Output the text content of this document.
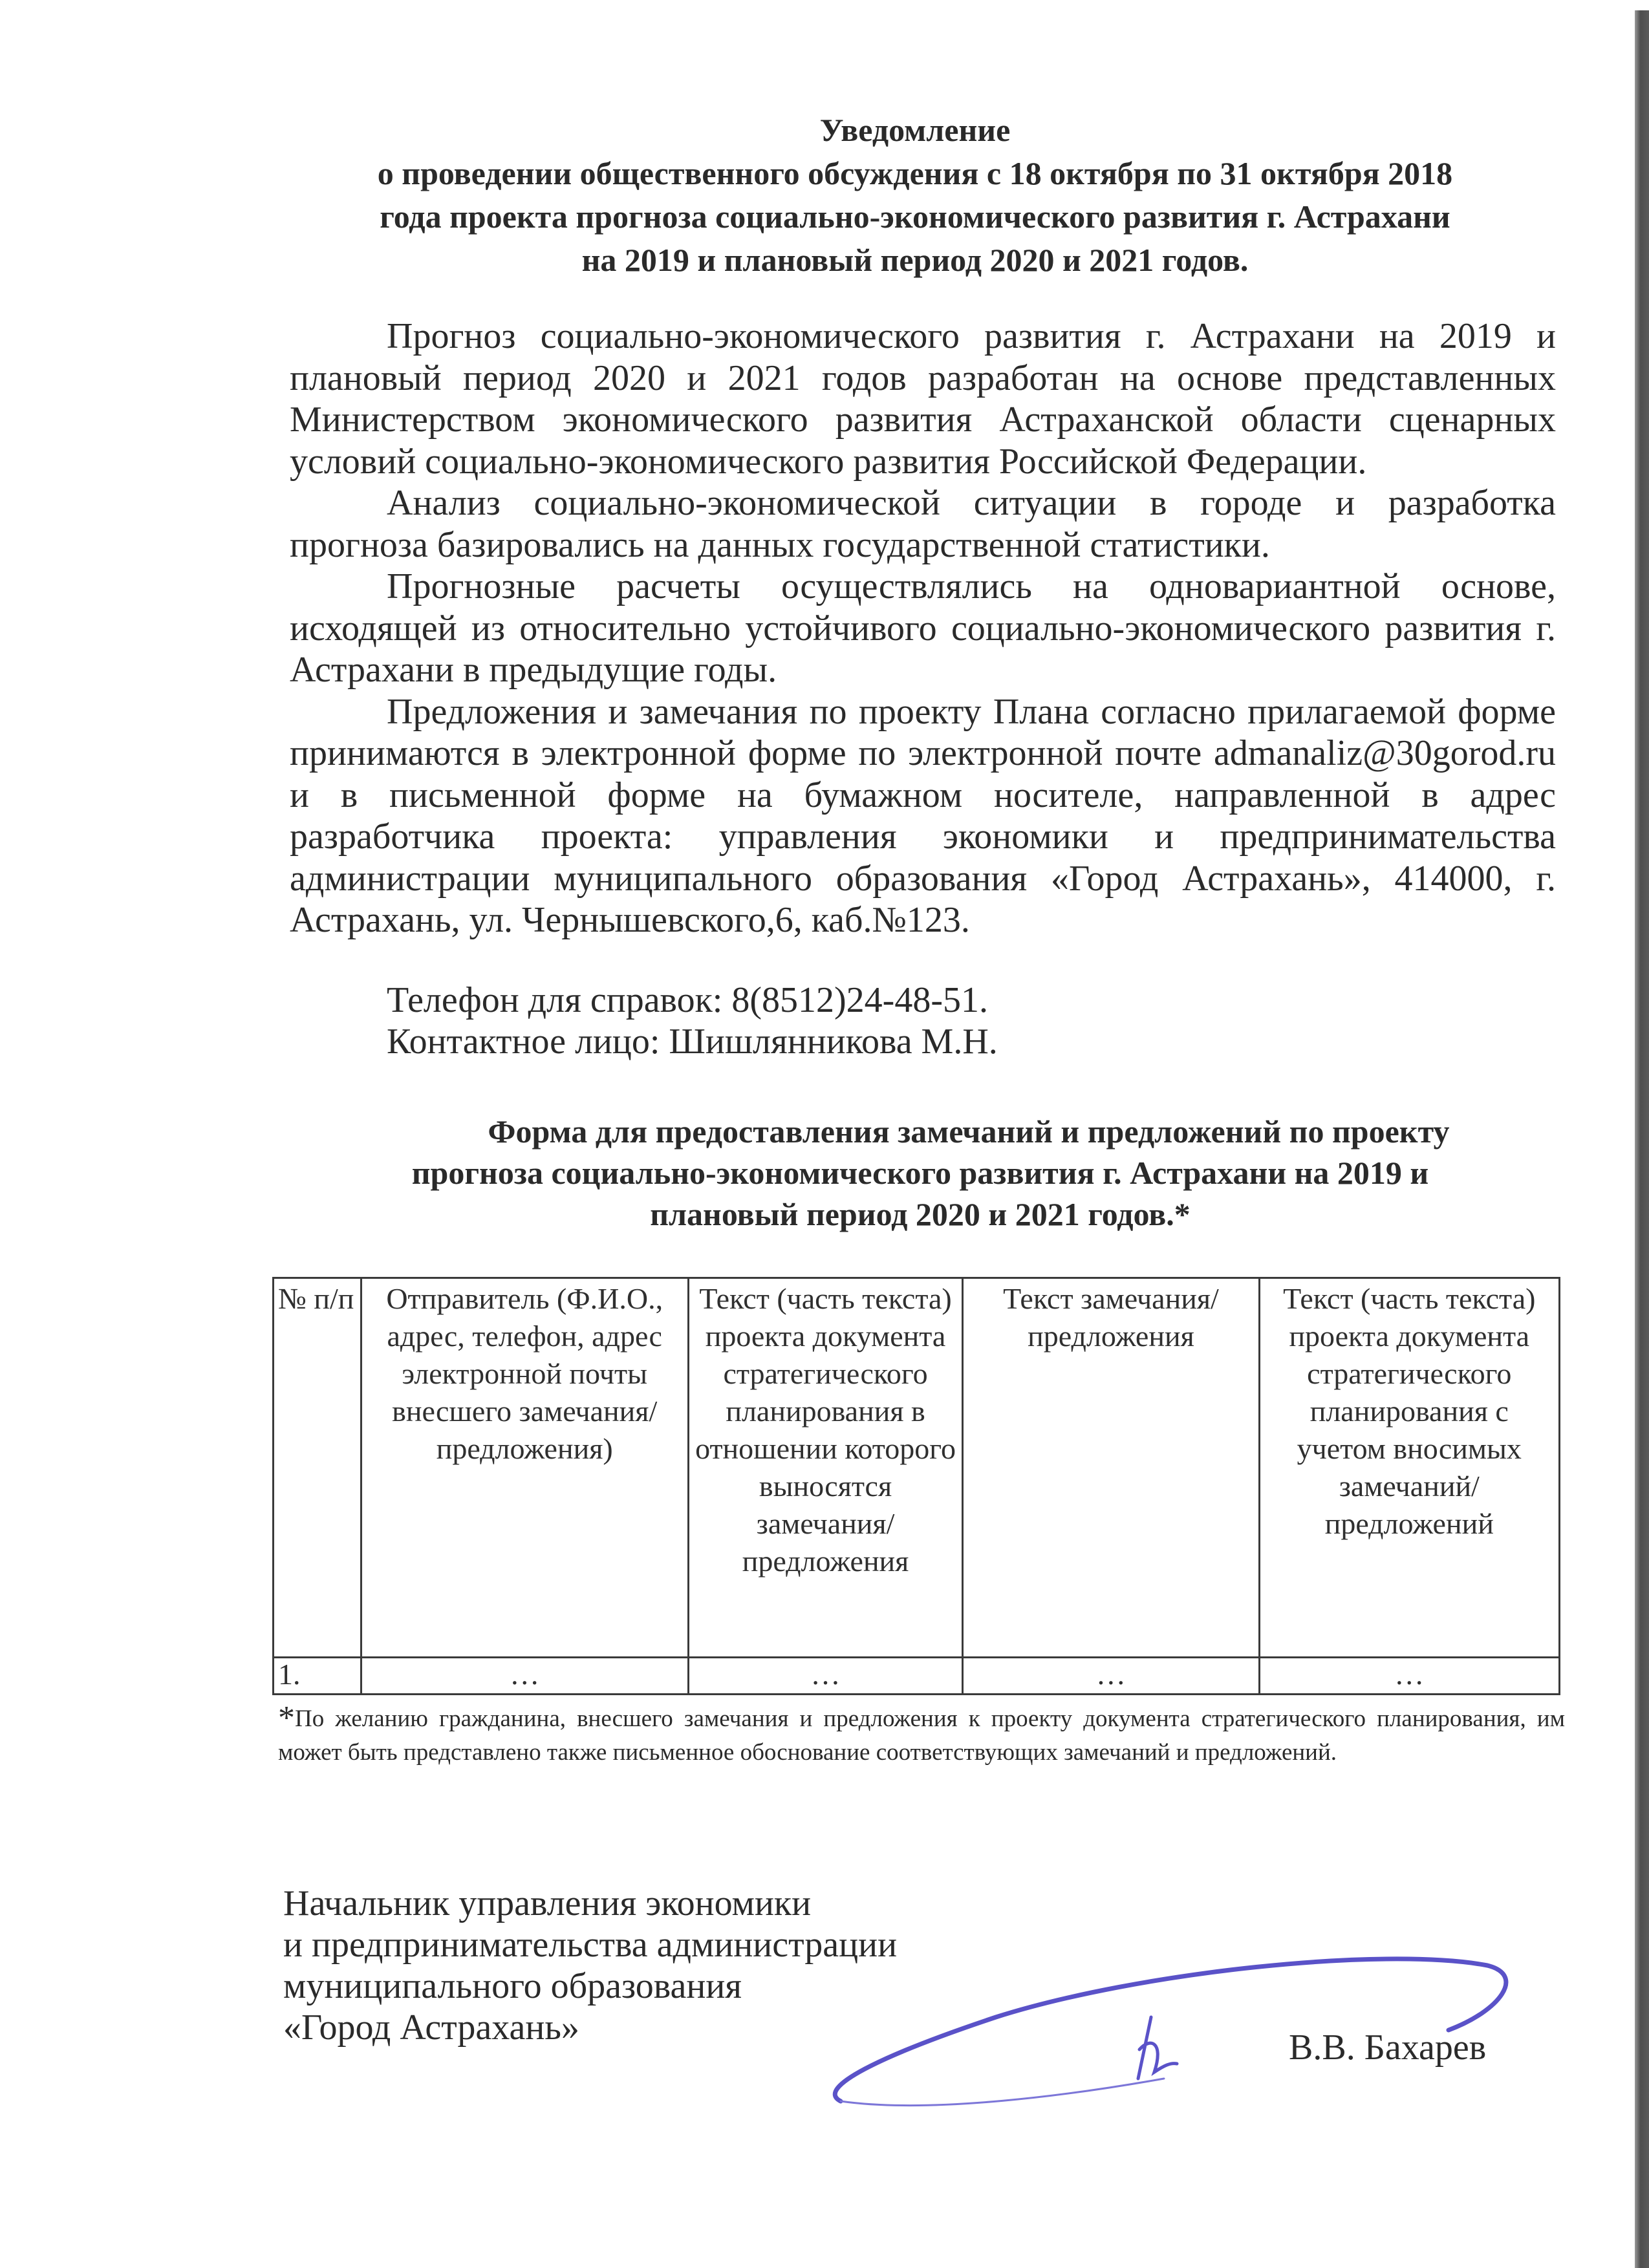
Уведомление
о проведении общественного обсуждения с 18 октября по 31 октября 2018
года проекта прогноза социально-экономического развития г. Астрахани
на 2019 и плановый период 2020 и 2021 годов.

Прогноз социально-экономического развития г. Астрахани на 2019 и плановый период 2020 и 2021 годов разработан на основе представленных Министерством экономического развития Астраханской области сценарных условий социально-экономического развития Российской Федерации.

Анализ социально-экономической ситуации в городе и разработка прогноза базировались на данных государственной статистики.

Прогнозные расчеты осуществлялись на одновариантной основе, исходящей из относительно устойчивого социально-экономического развития г. Астрахани в предыдущие годы.

Предложения и замечания по проекту Плана согласно прилагаемой форме принимаются в электронной форме по электронной почте admanaliz@30gorod.ru и в письменной форме на бумажном носителе, направленной в адрес разработчика проекта: управления экономики и предпринимательства администрации муниципального образования «Город Астрахань», 414000, г. Астрахань, ул. Чернышевского,6, каб.№123.

Телефон для справок: 8(8512)24-48-51.
Контактное лицо: Шишлянникова М.Н.
Форма для предоставления замечаний и предложений по проекту
прогноза социально-экономического развития г. Астрахани на 2019 и
плановый период 2020 и 2021 годов.*
№ п/п	Отправитель (Ф.И.О., адрес, телефон, адрес электронной почты внесшего замечания/предложения)	Текст (часть текста) проекта документа стратегического планирования в отношении которого выносятся замечания/предложения	Текст замечания/предложения	Текст (часть текста) проекта документа стратегического планирования с учетом вносимых замечаний/предложений
1.	…	…	…	…
*По желанию гражданина, внесшего замечания и предложения к проекту документа стратегического планирования, им может быть представлено также письменное обоснование соответствующих замечаний и предложений.
Начальник управления экономики
и предпринимательства администрации
муниципального образования
«Город Астрахань»	В.В. Бахарев
